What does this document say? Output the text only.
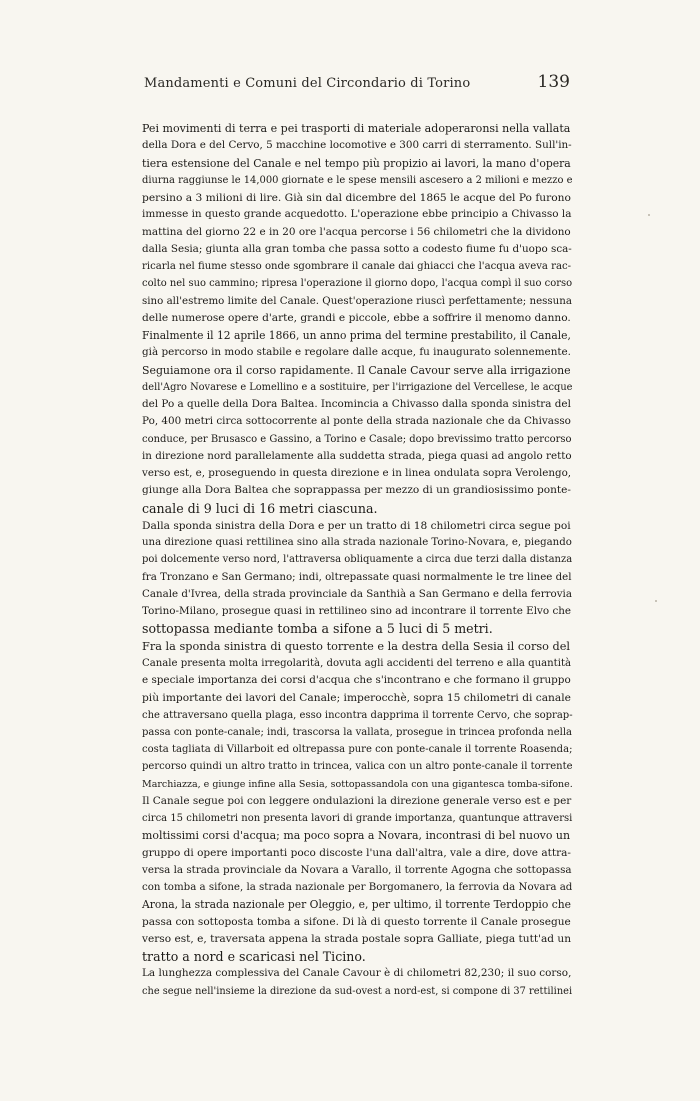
Mandamenti e Comuni del Circondario di Torino	139

Pei movimenti di terra e pei trasporti di materiale adoperaronsi nella vallata
della Dora e del Cervo, 5 macchine locomotive e 300 carri di sterramento. Sull'in-
tiera estensione del Canale e nel tempo più propizio ai lavori, la mano d'opera
diurna raggiunse le 14,000 giornate e le spese mensili ascesero a 2 milioni e mezzo e
persino a 3 milioni di lire. Già sin dal dicembre del 1865 le acque del Po furono
immesse in questo grande acquedotto. L'operazione ebbe principio a Chivasso la
mattina del giorno 22 e in 20 ore l'acqua percorse i 56 chilometri che la dividono
dalla Sesia; giunta alla gran tomba che passa sotto a codesto fiume fu d'uopo sca-
ricarla nel fiume stesso onde sgombrare il canale dai ghiacci che l'acqua aveva rac-
colto nel suo cammino; ripresa l'operazione il giorno dopo, l'acqua compì il suo corso
sino all'estremo limite del Canale. Quest'operazione riuscì perfettamente; nessuna
delle numerose opere d'arte, grandi e piccole, ebbe a soffrire il menomo danno.

Finalmente il 12 aprile 1866, un anno prima del termine prestabilito, il Canale,
già percorso in modo stabile e regolare dalle acque, fu inaugurato solennemente.

Seguiamone ora il corso rapidamente. Il Canale Cavour serve alla irrigazione
dell'Agro Novarese e Lomellino e a sostituire, per l'irrigazione del Vercellese, le acque
del Po a quelle della Dora Baltea. Incomincia a Chivasso dalla sponda sinistra del
Po, 400 metri circa sottocorrente al ponte della strada nazionale che da Chivasso
conduce, per Brusasco e Gassino, a Torino e Casale; dopo brevissimo tratto percorso
in direzione nord parallelamente alla suddetta strada, piega quasi ad angolo retto
verso est, e, proseguendo in questa direzione e in linea ondulata sopra Verolengo,
giunge alla Dora Baltea che soprappassa per mezzo di un grandiosissimo ponte-
canale di 9 luci di 16 metri ciascuna.

Dalla sponda sinistra della Dora e per un tratto di 18 chilometri circa segue poi
una direzione quasi rettilinea sino alla strada nazionale Torino-Novara, e, piegando
poi dolcemente verso nord, l'attraversa obliquamente a circa due terzi dalla distanza
fra Tronzano e San Germano; indi, oltrepassate quasi normalmente le tre linee del
Canale d'Ivrea, della strada provinciale da Santhià a San Germano e della ferrovia
Torino-Milano, prosegue quasi in rettilineo sino ad incontrare il torrente Elvo che
sottopassa mediante tomba a sifone a 5 luci di 5 metri.

Fra la sponda sinistra di questo torrente e la destra della Sesia il corso del
Canale presenta molta irregolarità, dovuta agli accidenti del terreno e alla quantità
e speciale importanza dei corsi d'acqua che s'incontrano e che formano il gruppo
più importante dei lavori del Canale; imperocchè, sopra 15 chilometri di canale
che attraversano quella plaga, esso incontra dapprima il torrente Cervo, che soprap-
passa con ponte-canale; indi, trascorsa la vallata, prosegue in trincea profonda nella
costa tagliata di Villarboit ed oltrepassa pure con ponte-canale il torrente Roasenda;
percorso quindi un altro tratto in trincea, valica con un altro ponte-canale il torrente
Marchiazza, e giunge infine alla Sesia, sottopassandola con una gigantesca tomba-sifone.

Il Canale segue poi con leggere ondulazioni la direzione generale verso est e per
circa 15 chilometri non presenta lavori di grande importanza, quantunque attraversi
moltissimi corsi d'acqua; ma poco sopra a Novara, incontrasi di bel nuovo un
gruppo di opere importanti poco discoste l'una dall'altra, vale a dire, dove attra-
versa la strada provinciale da Novara a Varallo, il torrente Agogna che sottopassa
con tomba a sifone, la strada nazionale per Borgomanero, la ferrovia da Novara ad
Arona, la strada nazionale per Oleggio, e, per ultimo, il torrente Terdoppio che
passa con sottoposta tomba a sifone. Di là di questo torrente il Canale prosegue
verso est, e, traversata appena la strada postale sopra Galliate, piega tutt'ad un
tratto a nord e scaricasi nel Ticino.

La lunghezza complessiva del Canale Cavour è di chilometri 82,230; il suo corso,
che segue nell'insieme la direzione da sud-ovest a nord-est, si compone di 37 rettilinei
